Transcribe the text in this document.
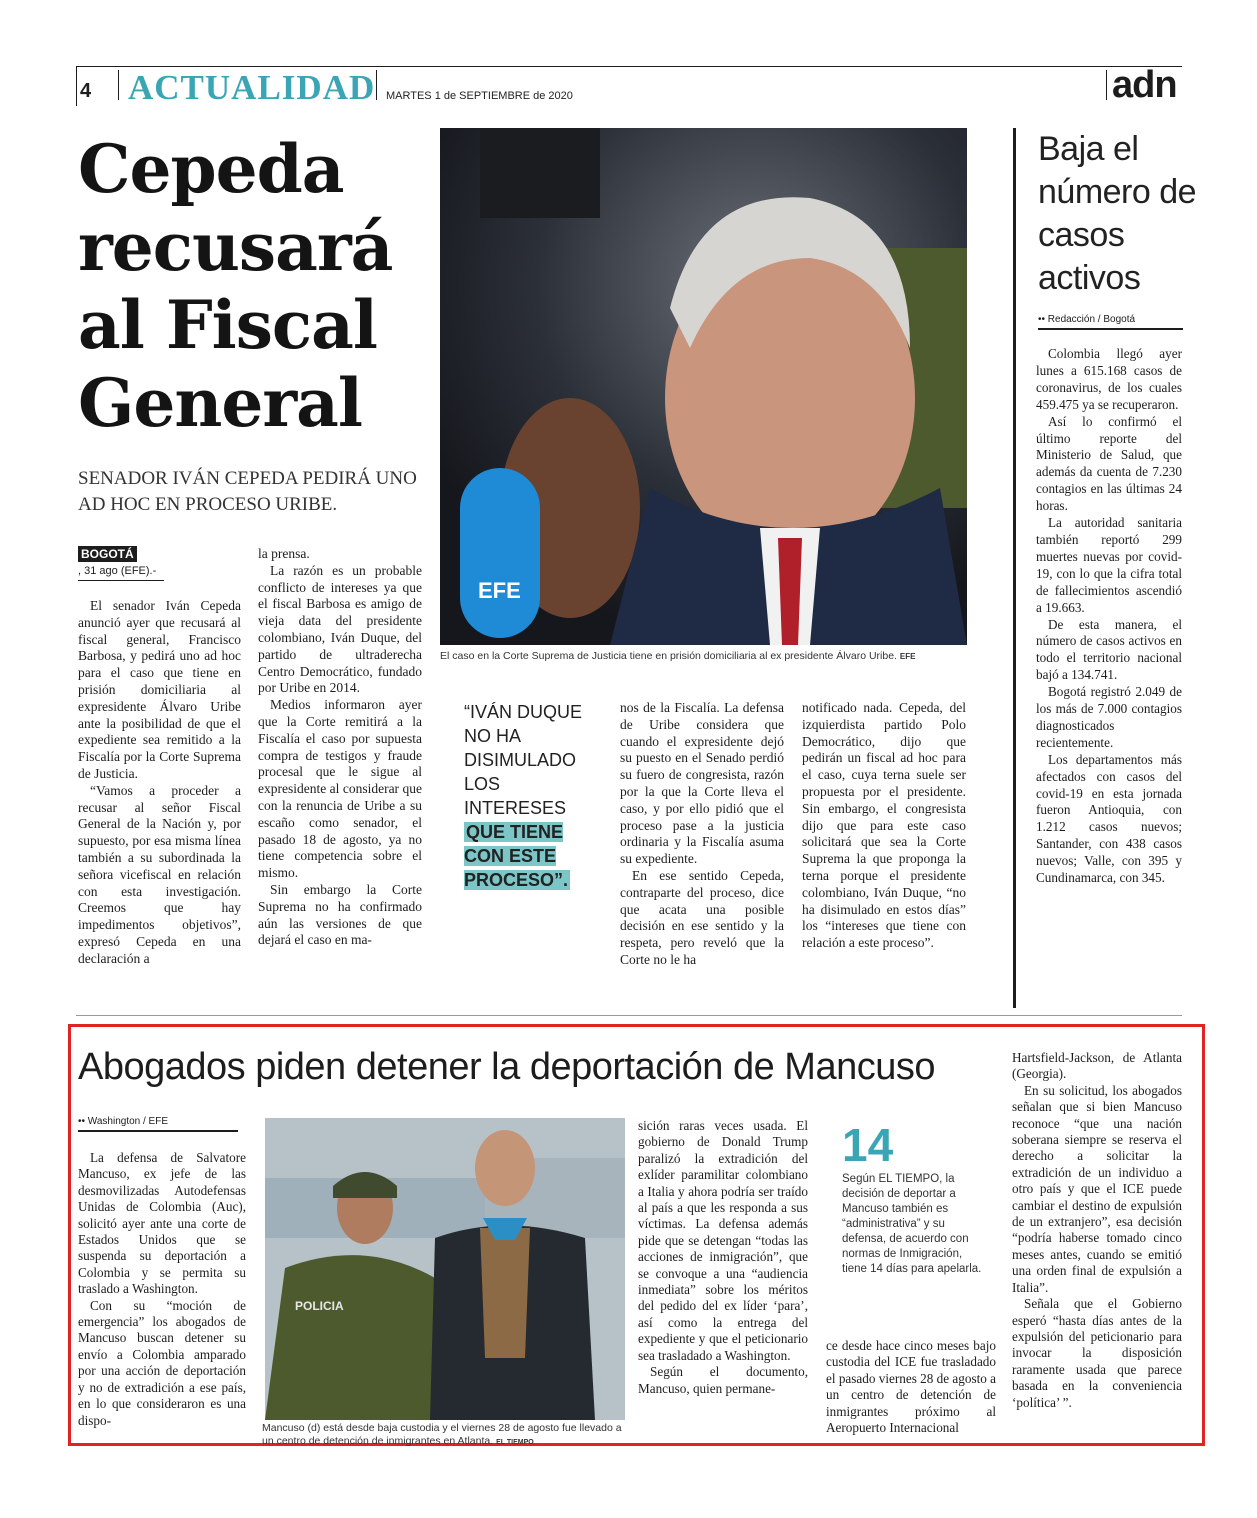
4 ACTUALIDAD MARTES 1 de SEPTIEMBRE de 2020	adn
Cepeda recusará al Fiscal General
SENADOR IVÁN CEPEDA PEDIRÁ UNO AD HOC EN PROCESO URIBE.
BOGOTÁ
, 31 ago (EFE).-

El senador Iván Cepeda anunció ayer que recusará al fiscal general, Francisco Barbosa, y pedirá uno ad hoc para el caso que tiene en prisión domiciliaria al expresidente Álvaro Uribe ante la posibilidad de que el expediente sea remitido a la Fiscalía por la Corte Suprema de Justicia.

“Vamos a proceder a recusar al señor Fiscal General de la Nación y, por supuesto, por esa misma línea también a su subordinada la señora vicefiscal en relación con esta investigación. Creemos que hay impedimentos objetivos”, expresó Cepeda en una declaración a

la prensa.

La razón es un probable conflicto de intereses ya que el fiscal Barbosa es amigo de vieja data del presidente colombiano, Iván Duque, del partido de ultraderecha Centro Democrático, fundado por Uribe en 2014.

Medios informaron ayer que la Corte remitirá a la Fiscalía el caso por supuesta compra de testigos y fraude procesal que le sigue al expresidente al considerar que con la renuncia de Uribe a su escaño como senador, el pasado 18 de agosto, ya no tiene competencia sobre el mismo.

Sin embargo la Corte Suprema no ha confirmado aún las versiones de que dejará el caso en ma-

EFE
El caso en la Corte Suprema de Justicia tiene en prisión domiciliaria al ex presidente Álvaro Uribe. EFE
“IVÁN DUQUE NO HA DISIMULADO LOS INTERESES QUE TIENE CON ESTE PROCESO”.

nos de la Fiscalía. La defensa de Uribe considera que cuando el expresidente dejó su puesto en el Senado perdió su fuero de congresista, razón por la que la Corte lleva el caso, y por ello pidió que el proceso pase a la justicia ordinaria y la Fiscalía asuma su expediente.

En ese sentido Cepeda, contraparte del proceso, dice que acata una posible decisión en ese sentido y la respeta, pero reveló que la Corte no le ha

notificado nada. Cepeda, del izquierdista partido Polo Democrático, dijo que pedirán un fiscal ad hoc para el caso, cuya terna suele ser propuesta por el presidente. Sin embargo, el congresista dijo que para este caso solicitará que sea la Corte Suprema la que proponga la terna porque el presidente colombiano, Iván Duque, “no ha disimulado en estos días” los “intereses que tiene con relación a este proceso”.

Baja el número de casos activos
•• Redacción / Bogotá

Colombia llegó ayer lunes a 615.168 casos de coronavirus, de los cuales 459.475 ya se recuperaron.

Así lo confirmó el último reporte del Ministerio de Salud, que además da cuenta de 7.230 contagios en las últimas 24 horas.

La autoridad sanitaria también reportó 299 muertes nuevas por covid-19, con lo que la cifra total de fallecimientos ascendió a 19.663.

De esta manera, el número de casos activos en todo el territorio nacional bajó a 134.741.

Bogotá registró 2.049 de los más de 7.000 contagios diagnosticados recientemente.

Los departamentos más afectados con casos del covid-19 en esta jornada fueron Antioquia, con 1.212 casos nuevos; Santander, con 438 casos nuevos; Valle, con 395 y Cundinamarca, con 345.

Abogados piden detener la deportación de Mancuso
•• Washington / EFE

La defensa de Salvatore Mancuso, ex jefe de las desmovilizadas Autodefensas Unidas de Colombia (Auc), solicitó ayer ante una corte de Estados Unidos que se suspenda su deportación a Colombia y se permita su traslado a Washington.

Con su “moción de emergencia” los abogados de Mancuso buscan detener su envío a Colombia amparado por una acción de deportación y no de extradición a ese país, en lo que consideraron es una dispo-

POLICIA
Mancuso (d) está desde baja custodia y el viernes 28 de agosto fue llevado a un centro de detención de inmigrantes en Atlanta. EL TIEMPO

sición raras veces usada. El gobierno de Donald Trump paralizó la extradición del exlíder paramilitar colombiano a Italia y ahora podría ser traído al país a que les responda a sus víctimas. La defensa además pide que se detengan “todas las acciones de inmigración”, que se convoque a una “audiencia inmediata” sobre los méritos del pedido del ex líder ‘para’, así como la entrega del expediente y que el peticionario sea trasladado a Washington.

Según el documento, Mancuso, quien permane-

14
Según EL TIEMPO, la decisión de deportar a Mancuso también es “administrativa” y su defensa, de acuerdo con normas de Inmigración, tiene 14 días para apelarla.

ce desde hace cinco meses bajo custodia del ICE fue trasladado el pasado viernes 28 de agosto a un centro de detención de inmigrantes próximo al Aeropuerto Internacional

Hartsfield-Jackson, de Atlanta (Georgia).

En su solicitud, los abogados señalan que si bien Mancuso reconoce “que una nación soberana siempre se reserva el derecho a solicitar la extradición de un individuo a otro país y que el ICE puede cambiar el destino de expulsión de un extranjero”, esa decisión “podría haberse tomado cinco meses antes, cuando se emitió una orden final de expulsión a Italia”.

Señala que el Gobierno esperó “hasta días antes de la expulsión del peticionario para invocar la disposición raramente usada que parece basada en la conveniencia ‘política’ ”.
